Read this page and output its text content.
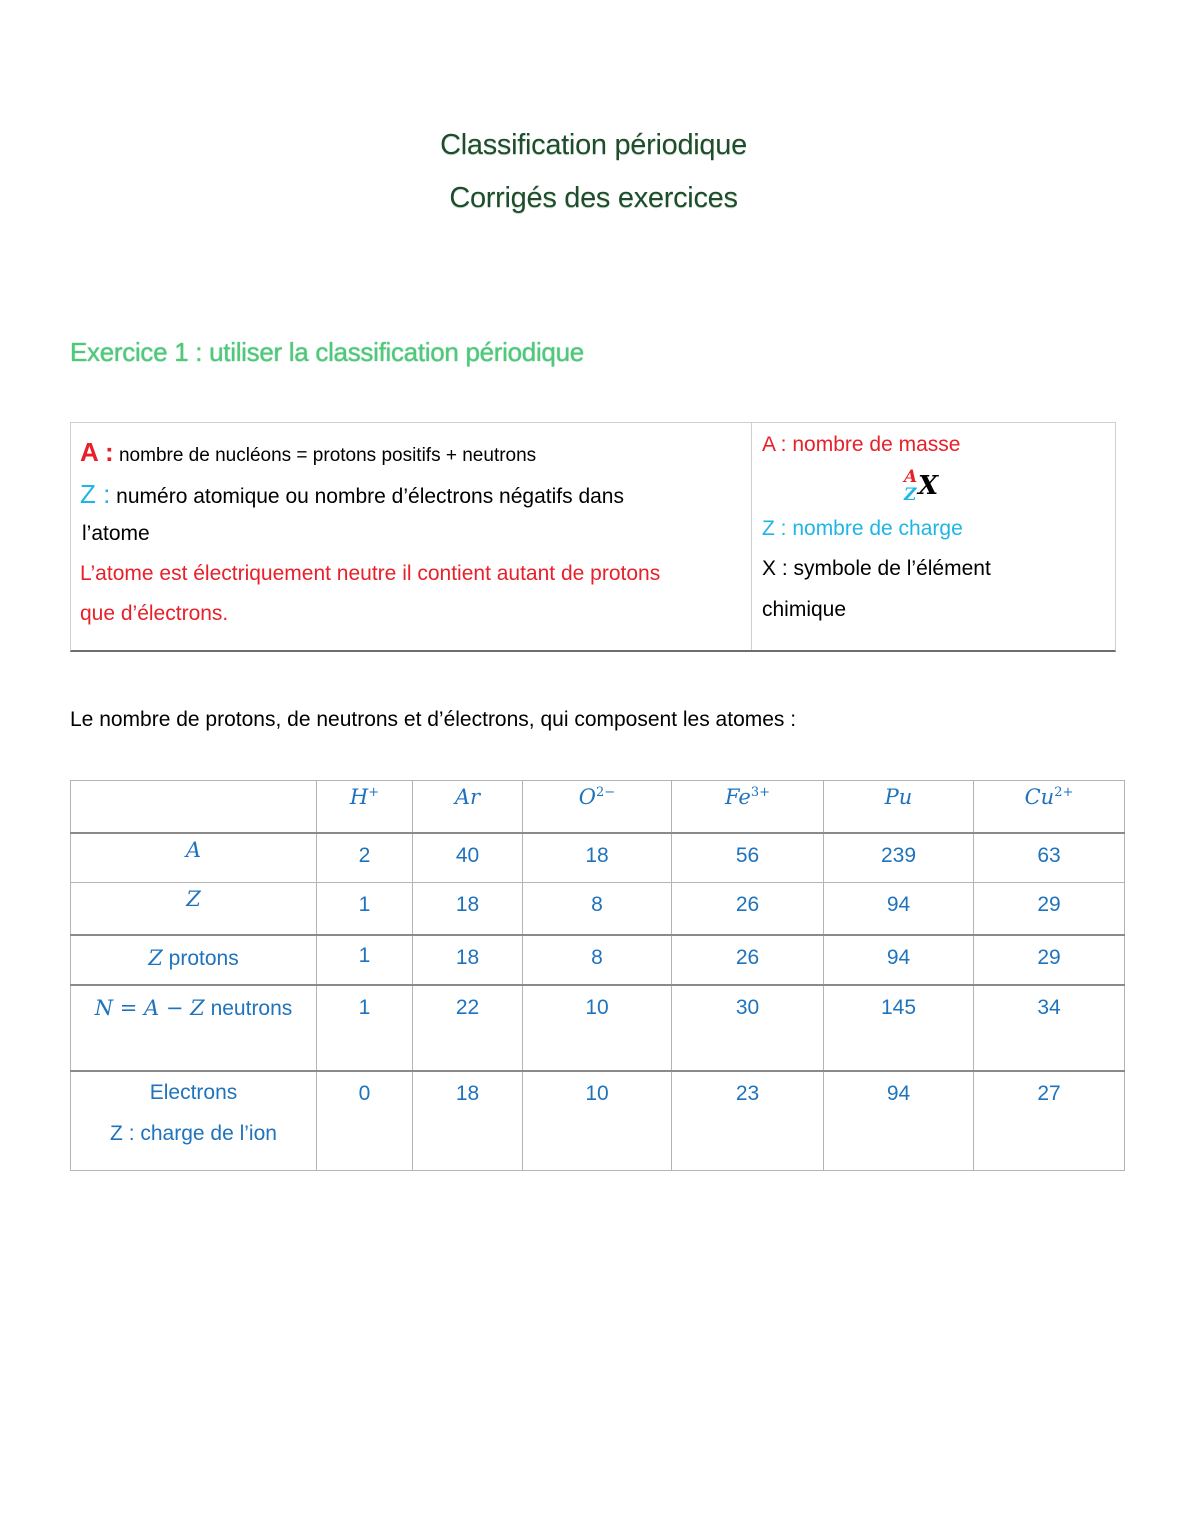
Classification périodique
Corrigés des exercices
Exercice 1 : utiliser la classification périodique
A : nombre de nucléons = protons positifs + neutrons
Z : numéro atomique ou nombre d’électrons négatifs dans
l’atome
L’atome est électriquement neutre il contient autant de protons
que d’électrons.
A : nombre de masse
A
Z X
Z : nombre de charge
X : symbole de l’élément
chimique
Le nombre de protons, de neutrons et d’électrons, qui composent les atomes :
	H+	Ar	$O^{2-}$	$Fe^{3+}$	Pu	$Cu^{2+}$
A	2	40	18	56	239	63
Z	1	18	8	26	94	29
Z protons	1	18	8	26	94	29
N = A − Z neutrons	1	22	10	30	145	34

Electrons
Z : charge de l’ion	0	18	10	23	94	27
